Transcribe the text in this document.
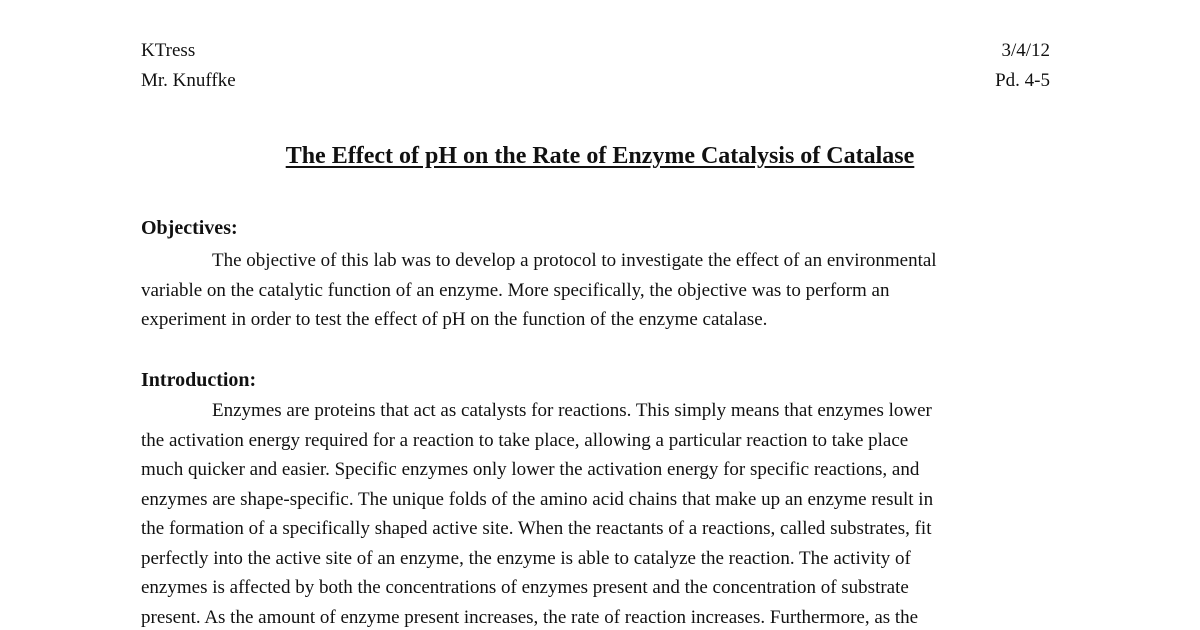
KTress
Mr. Knuffke
3/4/12
Pd. 4-5
The Effect of pH on the Rate of Enzyme Catalysis of Catalase
Objectives:
The objective of this lab was to develop a protocol to investigate the effect of an environmental
variable on the catalytic function of an enzyme. More specifically, the objective was to perform an
experiment in order to test the effect of pH on the function of the enzyme catalase.
Introduction:
Enzymes are proteins that act as catalysts for reactions. This simply means that enzymes lower
the activation energy required for a reaction to take place, allowing a particular reaction to take place
much quicker and easier. Specific enzymes only lower the activation energy for specific reactions, and
enzymes are shape-specific. The unique folds of the amino acid chains that make up an enzyme result in
the formation of a specifically shaped active site. When the reactants of a reactions, called substrates, fit
perfectly into the active site of an enzyme, the enzyme is able to catalyze the reaction. The activity of
enzymes is affected by both the concentrations of enzymes present and the concentration of substrate
present. As the amount of enzyme present increases, the rate of reaction increases. Furthermore, as the
